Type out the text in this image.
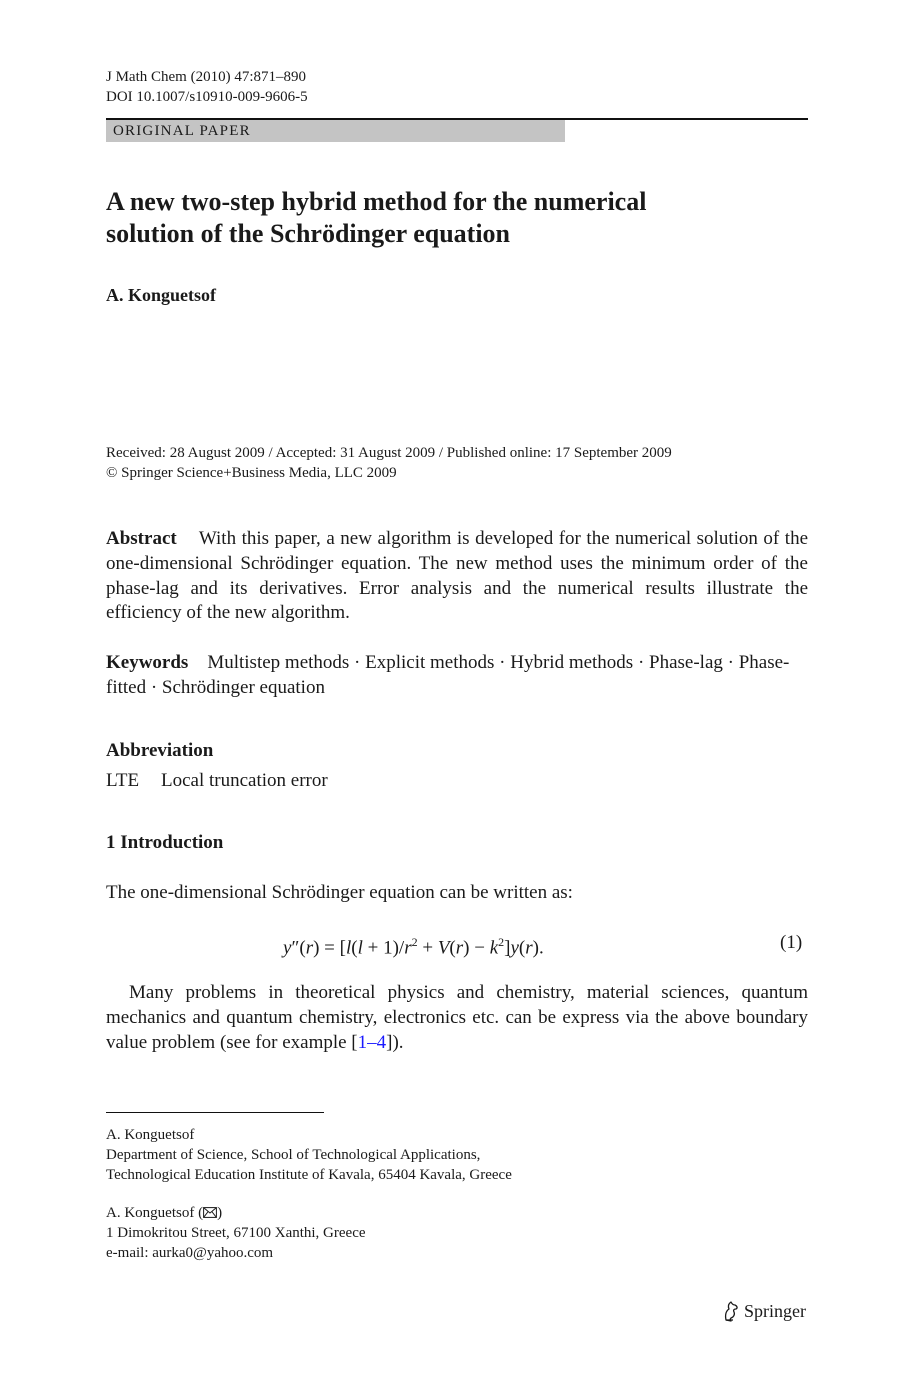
J Math Chem (2010) 47:871–890
DOI 10.1007/s10910-009-9606-5
ORIGINAL PAPER
A new two-step hybrid method for the numerical
solution of the Schrödinger equation
A. Konguetsof
Received: 28 August 2009 / Accepted: 31 August 2009 / Published online: 17 September 2009
© Springer Science+Business Media, LLC 2009
Abstract With this paper, a new algorithm is developed for the numerical solution of the one-dimensional Schrödinger equation. The new method uses the minimum order of the phase-lag and its derivatives. Error analysis and the numerical results illustrate the efficiency of the new algorithm.
Keywords Multistep methods · Explicit methods · Hybrid methods · Phase-lag · Phase-fitted · Schrödinger equation
Abbreviation
LTE Local truncation error
1 Introduction
The one-dimensional Schrödinger equation can be written as:
$y''(r) = [l(l + 1)/r^2 + V(r) - k^2]y(r)$.	(1)
Many problems in theoretical physics and chemistry, material sciences, quantum mechanics and quantum chemistry, electronics etc. can be express via the above boundary value problem (see for example [1–4]).
A. Konguetsof
Department of Science, School of Technological Applications,
Technological Education Institute of Kavala, 65404 Kavala, Greece
A. Konguetsof ( )
1 Dimokritou Street, 67100 Xanthi, Greece
e-mail: aurka0@yahoo.com
Springer
